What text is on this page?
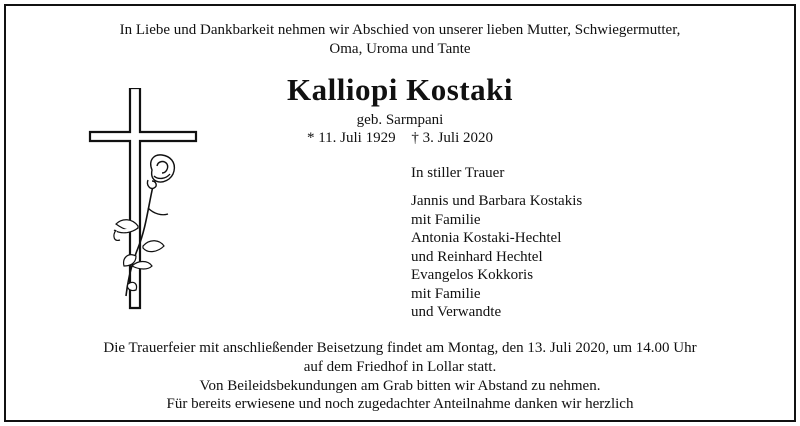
In Liebe und Dankbarkeit nehmen wir Abschied von unserer lieben Mutter, Schwiegermutter,
Oma, Uroma und Tante
Kalliopi Kostaki
geb. Sarmpani
* 11. Juli 1929 † 3. Juli 2020
In stiller Trauer
Jannis und Barbara Kostakis
mit Familie
Antonia Kostaki-Hechtel
und Reinhard Hechtel
Evangelos Kokkoris
mit Familie
und Verwandte
Die Trauerfeier mit anschließender Beisetzung findet am Montag, den 13. Juli 2020, um 14.00 Uhr
auf dem Friedhof in Lollar statt.
Von Beileidsbekundungen am Grab bitten wir Abstand zu nehmen.
Für bereits erwiesene und noch zugedachter Anteilnahme danken wir herzlich
